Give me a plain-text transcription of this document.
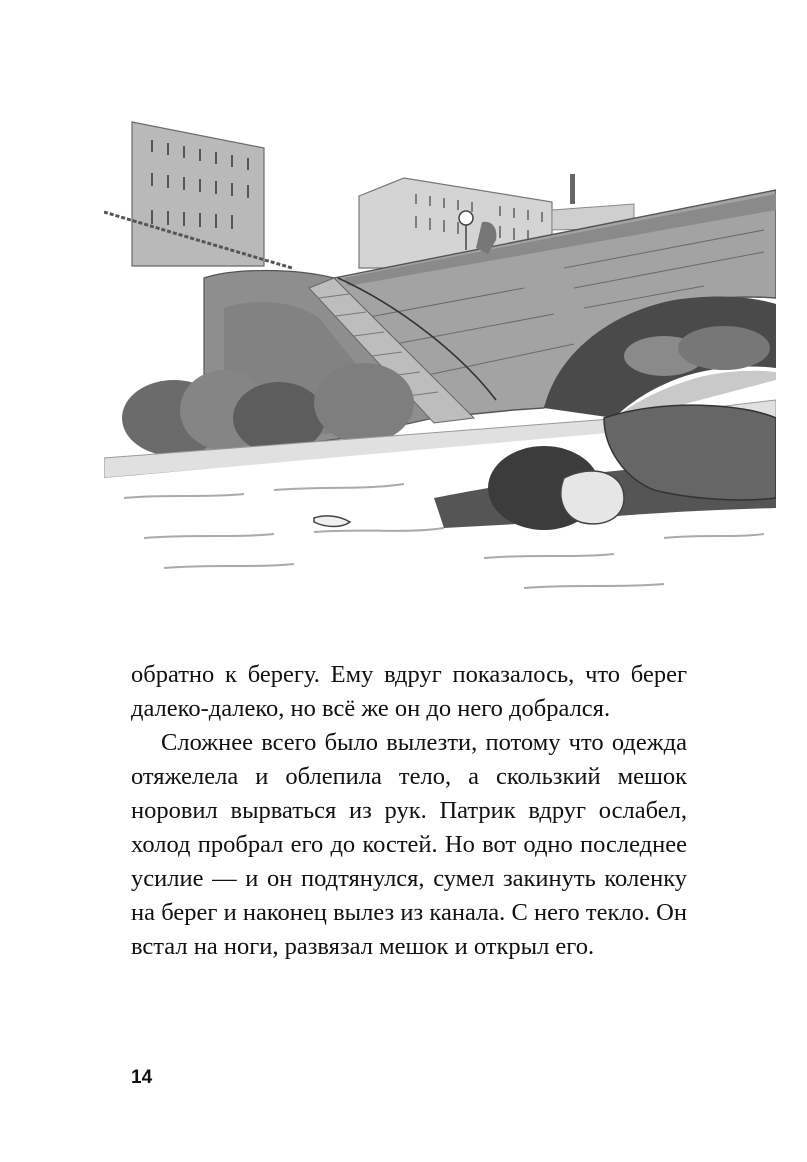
обратно к берегу. Ему вдруг показалось, что берег далеко-далеко, но всё же он до него добрался.

Сложнее всего было вылезти, потому что одежда отяжелела и облепила тело, а скользкий мешок норовил вырваться из рук. Патрик вдруг ослабел, холод пробрал его до костей. Но вот одно последнее усилие — и он подтянулся, сумел закинуть коленку на берег и наконец вылез из канала. С него текло. Он встал на ноги, развязал мешок и открыл его.

14
